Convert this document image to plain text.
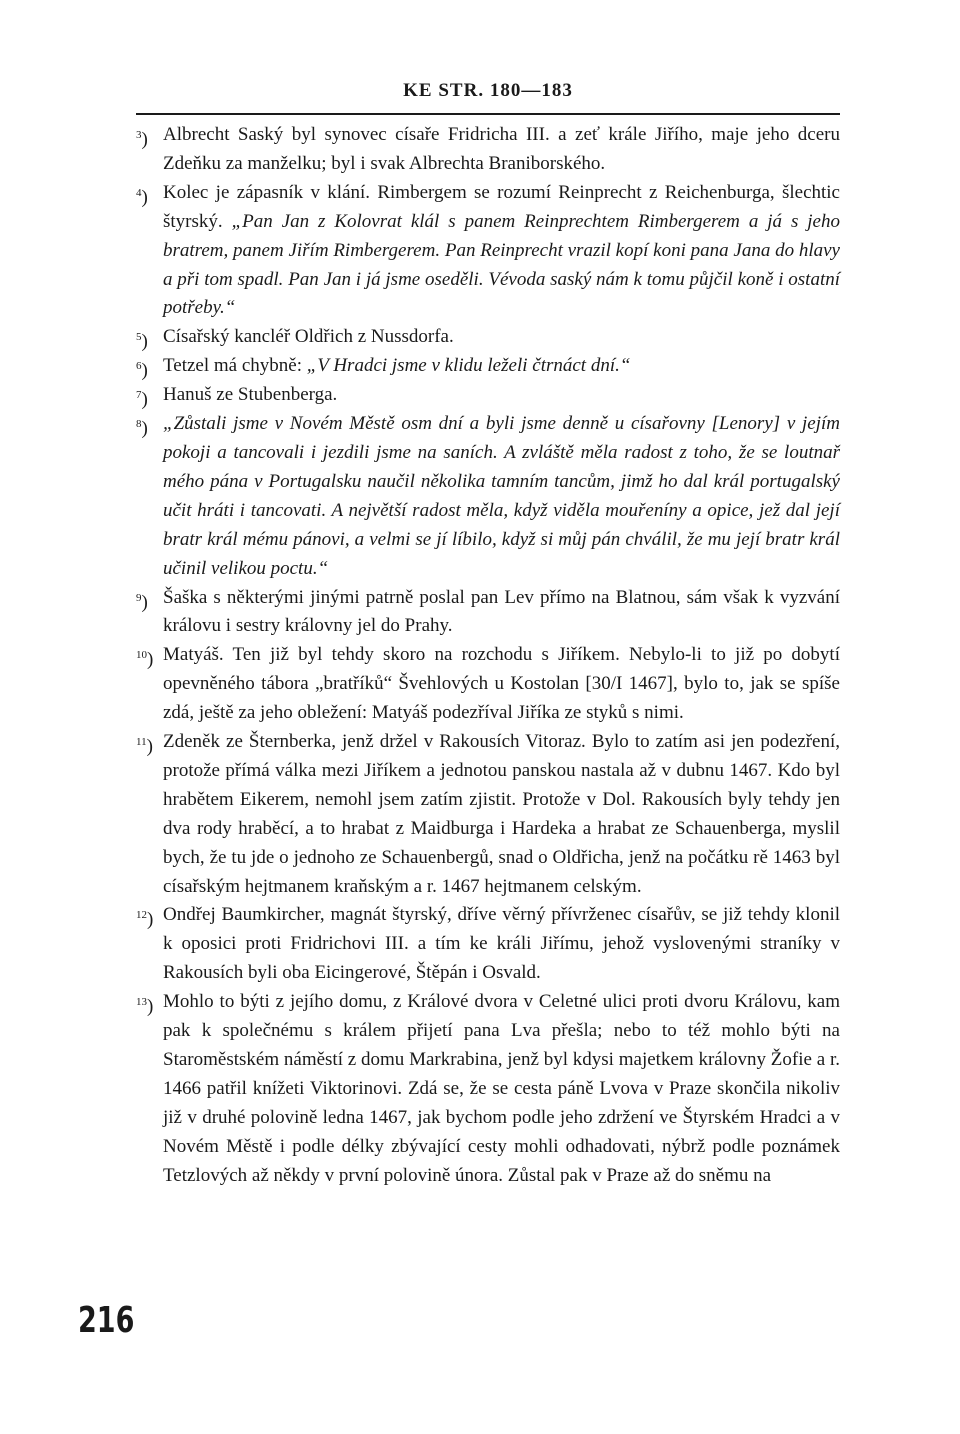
KE STR. 180—183
$^3$) Albrecht Saský byl synovec císaře Fridricha III. a zeť krále Jiřího, maje jeho dceru Zdeňku za manželku; byl i svak Albrechta Braniborského.
$^4$) Kolec je zápasník v klání. Rimbergem se rozumí Reinprecht z Reichenburga, šlechtic štyrský. „Pan Jan z Kolovrat klál s panem Reinprechtem Rimbergerem a já s jeho bratrem, panem Jiřím Rimbergerem. Pan Reinprecht vrazil kopí koni pana Jana do hlavy a při tom spadl. Pan Jan i já jsme oseděli. Vévoda saský nám k tomu půjčil koně i ostatní potřeby.“
$^5$) Císařský kancléř Oldřich z Nussdorfa.
$^6$) Tetzel má chybně: „V Hradci jsme v klidu leželi čtrnáct dní.“
$^7$) Hanuš ze Stubenberga.
$^8$) „Zůstali jsme v Novém Městě osm dní a byli jsme denně u císařovny [Lenory] v jejím pokoji a tancovali i jezdili jsme na saních. A zvláště měla radost z toho, že se loutnař mého pána v Portugalsku naučil několika tamním tancům, jimž ho dal král portugalský učit hráti i tancovati. A největší radost měla, když viděla mouřeníny a opice, jež dal její bratr král mému pánovi, a velmi se jí líbilo, když si můj pán chválil, že mu její bratr král učinil velikou poctu.“
$^9$) Šaška s některými jinými patrně poslal pan Lev přímo na Blatnou, sám však k vyzvání královu i sestry královny jel do Prahy.
$^{10}$) Matyáš. Ten již byl tehdy skoro na rozchodu s Jiříkem. Nebylo-li to již po dobytí opevněného tábora „bratříků“ Švehlových u Kostolan [30/I 1467], bylo to, jak se spíše zdá, ještě za jeho obležení: Matyáš podezříval Jiříka ze styků s nimi.
$^{11}$) Zdeněk ze Šternberka, jenž držel v Rakousích Vitoraz. Bylo to zatím asi jen podezření, protože přímá válka mezi Jiříkem a jednotou panskou nastala až v dubnu 1467. Kdo byl hrabětem Eikerem, nemohl jsem zatím zjistit. Protože v Dol. Rakousích byly tehdy jen dva rody hraběcí, a to hrabat z Maidburga i Hardeka a hrabat ze Schauenberga, myslil bych, že tu jde o jednoho ze Schauenbergů, snad o Oldřicha, jenž na počátku rě 1463 byl císařským hejtmanem kraňským a r. 1467 hejtmanem celským.
$^{12}$) Ondřej Baumkircher, magnát štyrský, dříve věrný přívrženec císařův, se již tehdy klonil k oposici proti Fridrichovi III. a tím ke králi Jiřímu, jehož vyslovenými straníky v Rakousích byli oba Eicingerové, Štěpán i Osvald.
$^{13}$) Mohlo to býti z jejího domu, z Králové dvora v Celetné ulici proti dvoru Královu, kam pak k společnému s králem přijetí pana Lva přešla; nebo to též mohlo býti na Staroměstském náměstí z domu Markrabina, jenž byl kdysi majetkem královny Žofie a r. 1466 patřil knížeti Viktorinovi. Zdá se, že se cesta páně Lvova v Praze skončila nikoliv již v druhé polovině ledna 1467, jak bychom podle jeho zdržení ve Štyrském Hradci a v Novém Městě i podle délky zbývající cesty mohli odhadovati, nýbrž podle poznámek Tetzlových až někdy v první polovině února. Zůstal pak v Praze až do sněmu na
216
